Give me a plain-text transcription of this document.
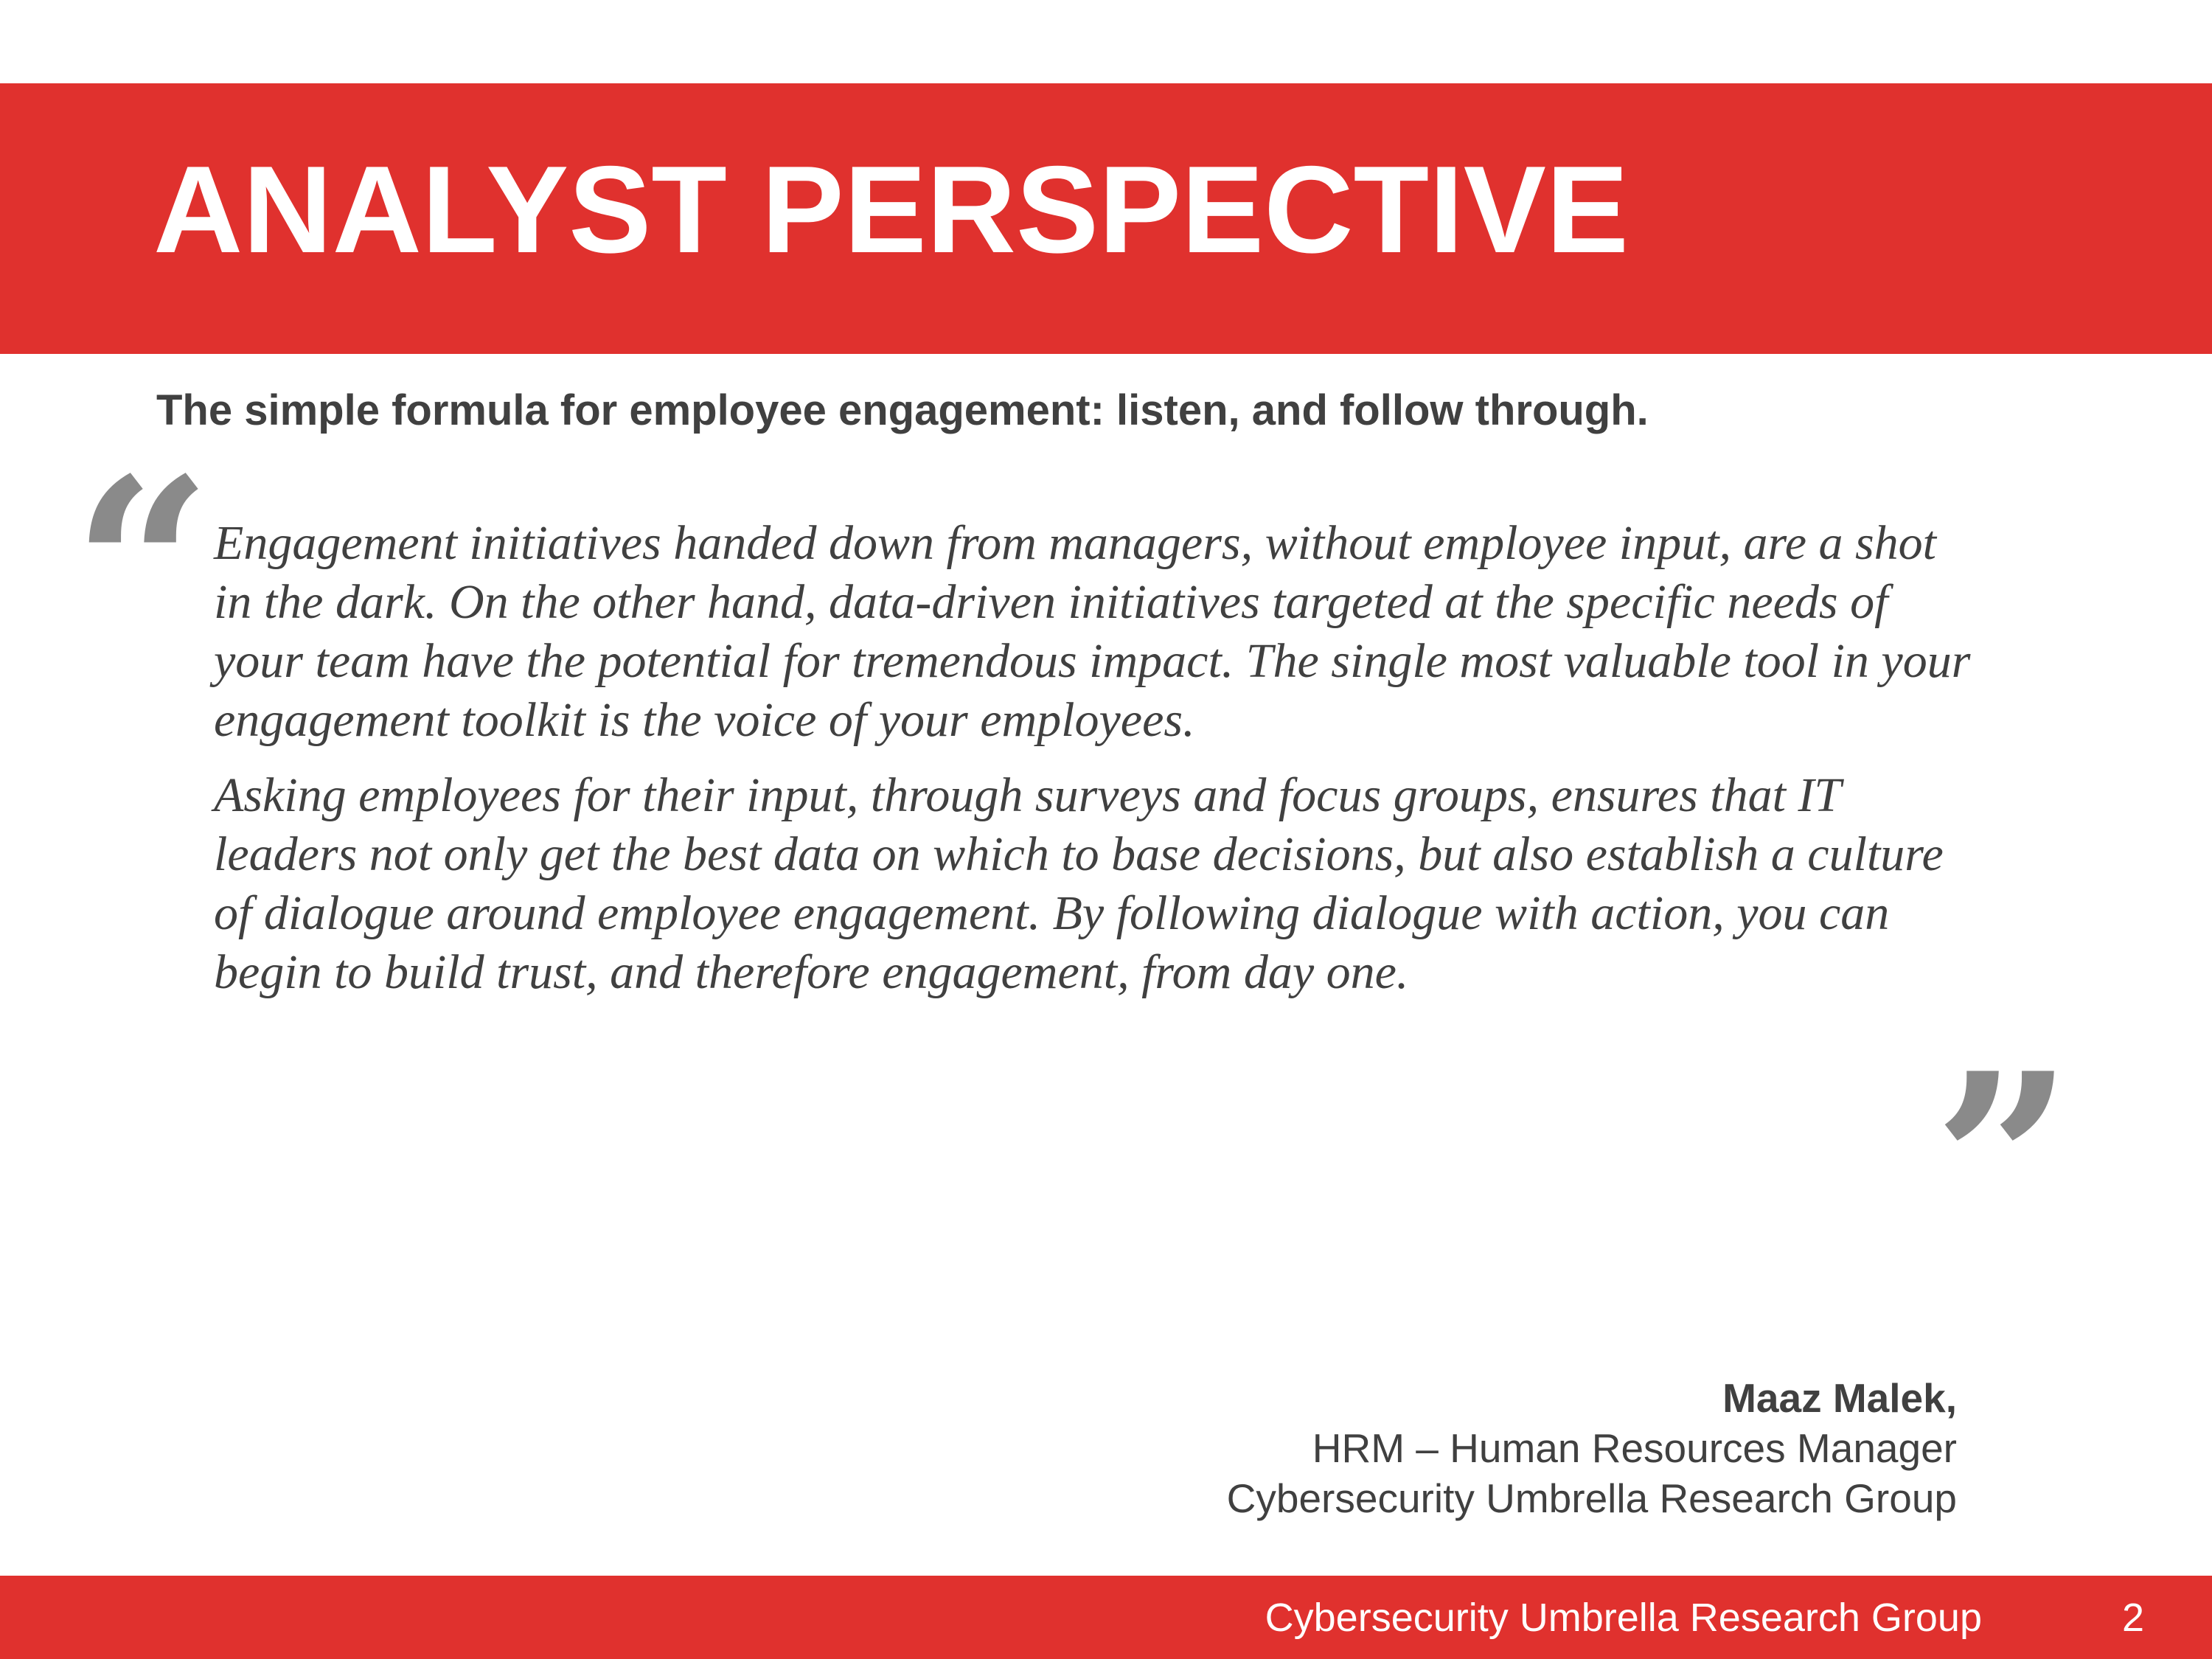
ANALYST PERSPECTIVE

The simple formula for employee engagement: listen, and follow through.

“ Engagement initiatives handed down from managers, without employee input, are a shot in the dark. On the other hand, data-driven initiatives targeted at the specific needs of your team have the potential for tremendous impact. The single most valuable tool in your engagement toolkit is the voice of your employees.

Asking employees for their input, through surveys and focus groups, ensures that IT leaders not only get the best data on which to base decisions, but also establish a culture of dialogue around employee engagement. By following dialogue with action, you can begin to build trust, and therefore engagement, from day one.

”
Maaz Malek,
HRM – Human Resources Manager
Cybersecurity Umbrella Research Group
Cybersecurity Umbrella Research Group	2
